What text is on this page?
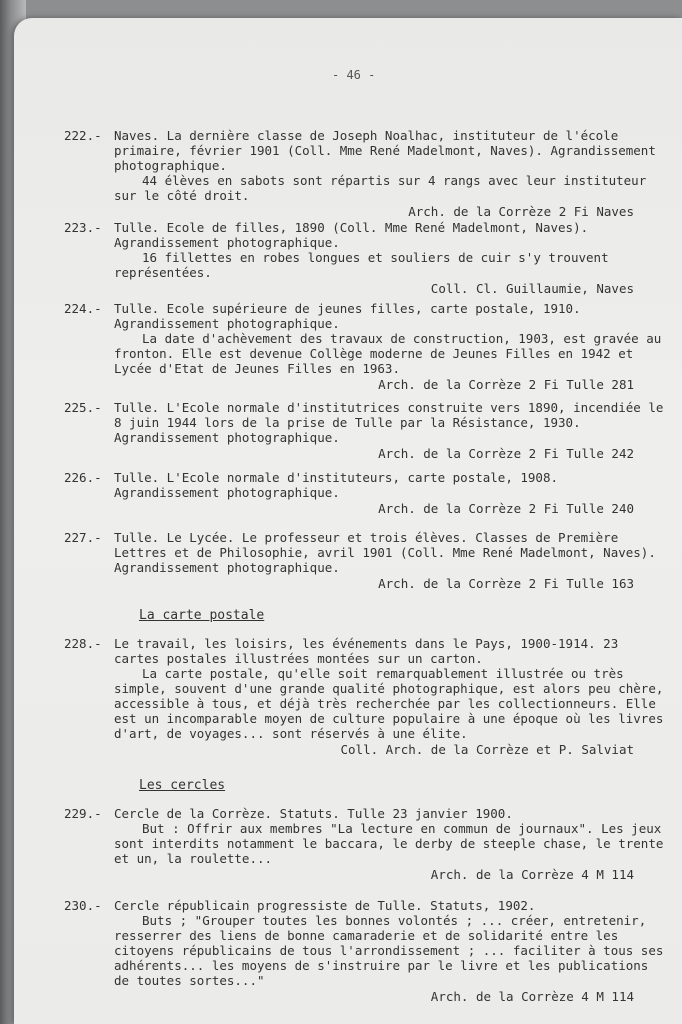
- 46 -
222.- Naves. La dernière classe de Joseph Noalhac, instituteur de l'école primaire, février 1901 (Coll. Mme René Madelmont, Naves). Agrandissement photographique.
44 élèves en sabots sont répartis sur 4 rangs avec leur instituteur sur le côté droit.
Arch. de la Corrèze 2 Fi Naves
223.- Tulle. Ecole de filles, 1890 (Coll. Mme René Madelmont, Naves). Agrandissement photographique.
16 fillettes en robes longues et souliers de cuir s'y trouvent représentées.
Coll. Cl. Guillaumie, Naves
224.- Tulle. Ecole supérieure de jeunes filles, carte postale, 1910. Agrandissement photographique.
La date d'achèvement des travaux de construction, 1903, est gravée au fronton. Elle est devenue Collège moderne de Jeunes Filles en 1942 et Lycée d'Etat de Jeunes Filles en 1963.
Arch. de la Corrèze 2 Fi Tulle 281
225.- Tulle. L'Ecole normale d'institutrices construite vers 1890, incendiée le 8 juin 1944 lors de la prise de Tulle par la Résistance, 1930. Agrandissement photographique.
Arch. de la Corrèze 2 Fi Tulle 242
226.- Tulle. L'Ecole normale d'instituteurs, carte postale, 1908. Agrandissement photographique.
Arch. de la Corrèze 2 Fi Tulle 240
227.- Tulle. Le Lycée. Le professeur et trois élèves. Classes de Première Lettres et de Philosophie, avril 1901 (Coll. Mme René Madelmont, Naves). Agrandissement photographique.
Arch. de la Corrèze 2 Fi Tulle 163
La carte postale
228.- Le travail, les loisirs, les événements dans le Pays, 1900-1914. 23 cartes postales illustrées montées sur un carton.
La carte postale, qu'elle soit remarquablement illustrée ou très simple, souvent d'une grande qualité photographique, est alors peu chère, accessible à tous, et déjà très recherchée par les collectionneurs. Elle est un incomparable moyen de culture populaire à une époque où les livres d'art, de voyages... sont réservés à une élite.
Coll. Arch. de la Corrèze et P. Salviat
Les cercles
229.- Cercle de la Corrèze. Statuts. Tulle 23 janvier 1900.
But : Offrir aux membres "La lecture en commun de journaux". Les jeux sont interdits notamment le baccara, le derby de steeple chase, le trente et un, la roulette...
Arch. de la Corrèze 4 M 114
230.- Cercle républicain progressiste de Tulle. Statuts, 1902.
Buts ; "Grouper toutes les bonnes volontés ; ... créer, entretenir, resserrer des liens de bonne camaraderie et de solidarité entre les citoyens républicains de tous l'arrondissement ; ... faciliter à tous ses adhérents... les moyens de s'instruire par le livre et les publications de toutes sortes..."
Arch. de la Corrèze 4 M 114
